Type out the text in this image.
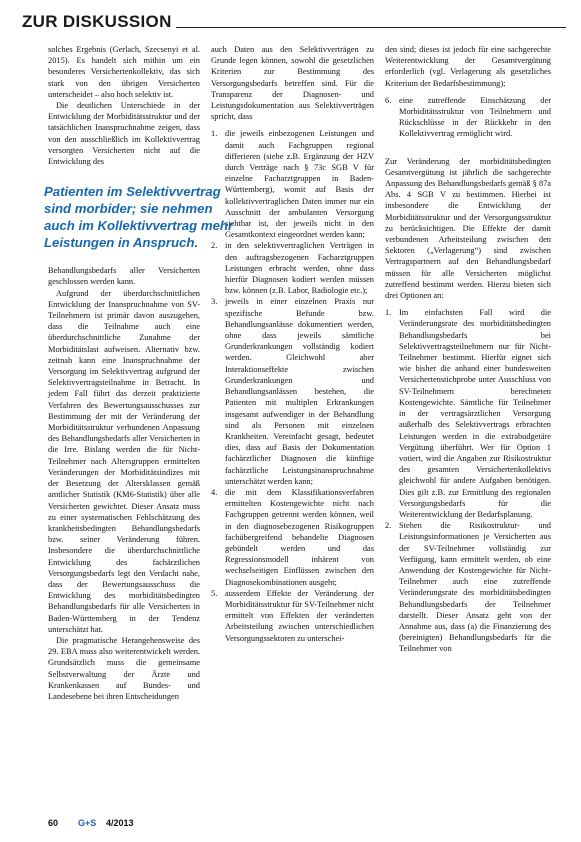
ZUR DISKUSSION

solches Ergebnis (Gerlach, Szecsenyi et al. 2015). Es handelt sich mithin um ein besonderes Versichertenkollektiv, das sich stark von den übrigen Versicherten unterscheidet – also hoch selektiv ist.

Die deutlichen Unterschiede in der Entwicklung der Morbiditätsstruktur und der tatsächlichen Inanspruchnahme zeigen, dass von den ausschließlich im Kollektivvertrag versorgten Versicherten nicht auf die Entwicklung des

Patienten im Selektivvertrag sind morbider; sie nehmen auch im Kollektivvertrag mehr Leistungen in Anspruch.

Behandlungsbedarfs aller Versicherten geschlossen werden kann.

Aufgrund der überdurchschnittlichen Entwicklung der Inanspruchnahme von SV-Teilnehmern ist primär davon auszugehen, dass die Teilnahme auch eine überdurchschnittliche Zunahme der Morbiditätslast aufweisen. Alternativ bzw. zeitnah kann eine Inanspruchnahme der Versorgung im Selektivvertrag aufgrund der Selektivvertragsteilnahme in Betracht. In jedem Fall führt das derzeit praktizierte Verfahren des Bewertungsausschusses zur Bestimmung der mit der Veränderung der Morbiditätsstruktur verbundenen Anpassung des Behandlungsbedarfs aller Versicherten in die Irre. Bislang werden die für Nicht-Teilnehmer nach Altersgruppen ermittelten Veränderungen der Morbiditätsindizes mit der Besetzung der Altersklassen gemäß amtlicher Statistik (KM6-Statistik) über alle Versicherten gewichtet. Dieser Ansatz muss zu einer systematischen Fehlschätzung des krankheitsbedingten Behandlungsbedarfs bzw. seiner Veränderung führen. Insbesondere die überdurchschnittliche Entwicklung des fachärztlichen Versorgungsbedarfs legt den Verdacht nahe, dass der Bewertungsausschuss die Entwicklung des morbiditätsbedingten Behandlungsbedarfs für alle Versicherten in Baden-Württemberg in der Tendenz unterschätzt hat.

Die pragmatische Herangehensweise des 29. EBA muss also weiterentwickelt werden. Grundsätzlich muss die gemeinsame Selbstverwaltung der Ärzte und Krankenkassen auf Bundes- und Landesebene bei ihren Entscheidungen

auch Daten aus den Selektivverträgen zu Grunde legen können, sowohl die gesetzlichen Kriterien zur Bestimmung des Versorgungsbedarfs betreffen sind. Für die Transparenz der Diagnosen- und Leistungsdokumentation aus Selektivverträgen spricht, dass

1. die jeweils einbezogenen Leistungen und damit auch Fachgruppen regional differieren (siehe z.B. Ergänzung der HZV durch Verträge nach § 73c SGB V für einzelne Facharztgruppen in Baden-Württemberg), womit auf Basis der kollektivvertraglichen Daten immer nur ein Ausschnitt der ambulanten Versorgung sichtbar ist, der jeweils nicht in den Gesamtkontext eingeordnet werden kann;
2. in den selektivvertraglichen Verträgen in den auftragsbezogenen Facharztgruppen Leistungen erbracht werden, ohne dass hierfür Diagnosen kodiert werden müssen bzw. können (z.B. Labor, Radiologie etc.);
3. jeweils in einer einzelnen Praxis nur spezifische Befunde bzw. Behandlungsanlässe dokumentiert werden, ohne dass jeweils sämtliche Grunderkrankungen vollständig kodiert werden. Gleichwohl aber Interaktionseffekte zwischen Grunderkrankungen und Behandlungsanlässen bestehen, die Patienten mit multiplen Erkrankungen insgesamt aufwendiger in der Behandlung sind als Personen mit einzelnen Krankheiten. Vereinfacht gesagt, bedeutet dies, dass auf Basis der Dokumentation fachärztlicher Diagnosen die künftige fachärztliche Leistungsinanspruchnahme unterschätzt werden kann;
4. die mit dem Klassifikationsverfahren ermittelten Kostengewichte nicht nach Fachgruppen getrennt werden können, weil in den diagnosebezogenen Risikogruppen fachübergreifend behandelte Diagnosen gebündelt werden und das Regressionsmodell inhärent von wechselseitigen Einflüssen zwischen den Diagnosekombinationen ausgeht;
5. ausserdem Effekte der Veränderung der Morbiditätsstruktur für SV-Teilnehmer nicht ermittelt von Effekten der veränderten Arbeitsteilung zwischen unterschiedlichen Versorgungssektoren zu unterschei-

den sind; dieses ist jedoch für eine sachgerechte Weiterentwicklung der Gesamtvergütung erforderlich (vgl. Verlagerung als gesetzliches Kriterium der Bedarfsbestimmung);

6. eine zutreffende Einschätzung der Morbiditätsstruktur von Teilnehmern und Rückschlüsse in der Rückkehr in den Kollektivvertrag ermöglicht wird.

Zur Veränderung der morbiditätsbedingten Gesamtvergütung ist jährlich die sachgerechte Anpassung des Behandlungsbedarfs gemäß § 87a Abs. 4 SGB V zu bestimmen. Hierbei ist insbesondere die Entwicklung der Morbiditätsstruktur und der Versorgungsstruktur zu berücksichtigen. Die Effekte der damit verbundenen Arbeitsteilung zwischen den Sektoren („Verlagerung“) sind zwischen Vertragspartnern auf den Behandlungsbedarf müssen für alle Versicherten möglichst zutreffend bestimmt werden. Hierzu bieten sich drei Optionen an:

1. Im einfachsten Fall wird die Veränderungsrate des morbiditätsbedingten Behandlungsbedarfs bei Selektivvertragsteilnehmern nur für Nicht-Teilnehmer bestimmt. Hierfür eignet sich wie bisher die anhand einer bundesweiten Versichertenstichprobe unter Ausschluss von SV-Teilnehmern berechneten Kostengewichte. Sämtliche für Teilnehmer in der vertragsärztlichen Versorgung außerhalb des Selektivvertrags erbrachten Leistungen werden in die extrabudgetäre Vergütung überführt. Wer für Option 1 votiert, wird die Angaben zur Risikostruktur des gesamten Versichertenkollektivs gleichwohl für andere Aufgaben benötigen. Dies gilt z.B. zur Ermittlung des regionalen Versorgungsbedarfs für die Weiterentwicklung der Bedarfsplanung.
2. Stehen die Risikostruktur- und Leistungsinformationen je Versicherten aus der SV-Teilnehmer vollständig zur Verfügung, kann ermittelt werden, ob eine Anwendung der Kostengewichte für Nicht-Teilnehmer auch eine zutreffende Veränderungsrate des morbiditätsbedingten Behandlungsbedarfs der Teilnehmer darstellt. Dieser Ansatz geht von der Annahme aus, dass (a) die Finanzierung des (bereinigten) Behandlungsbedarfs für die Teilnehmer von
60 G+S 4/2013
